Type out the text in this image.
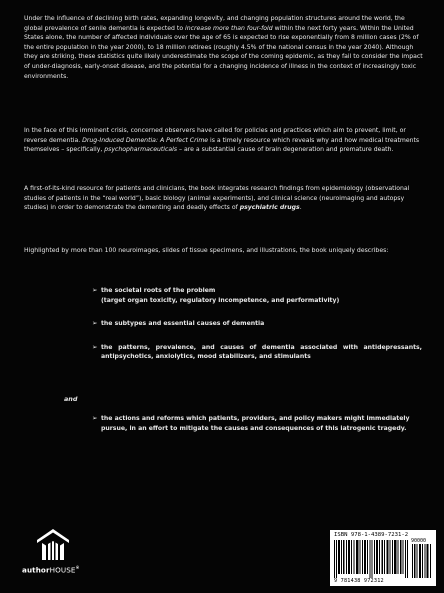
Under the influence of declining birth rates, expanding longevity, and changing population structures around the world, the global prevalence of senile dementia is expected to increase more than four-fold within the next forty years. Within the United States alone, the number of affected individuals over the age of 65 is expected to rise exponentially from 8 million cases (2% of the entire population in the year 2000), to 18 million retirees (roughly 4.5% of the national census in the year 2040). Although they are striking, these statistics quite likely underestimate the scope of the coming epidemic, as they fail to consider the impact of under-diagnosis, early-onset disease, and the potential for a changing incidence of illness in the context of increasingly toxic environments.
In the face of this imminent crisis, concerned observers have called for policies and practices which aim to prevent, limit, or reverse dementia. Drug-Induced Dementia: A Perfect Crime is a timely resource which reveals why and how medical treatments themselves – specifically, psychopharmaceuticals – are a substantial cause of brain degeneration and premature death.
A first-of-its-kind resource for patients and clinicians, the book integrates research findings from epidemiology (observational studies of patients in the “real world”), basic biology (animal experiments), and clinical science (neuroimaging and autopsy studies) in order to demonstrate the dementing and deadly effects of psychiatric drugs.
Highlighted by more than 100 neuroimages, slides of tissue specimens, and illustrations, the book uniquely describes:
➢ the societal roots of the problem
(target organ toxicity, regulatory incompetence, and performativity)
➢ the subtypes and essential causes of dementia
➢ the patterns, prevalence, and causes of dementia associated with antidepressants, antipsychotics, anxiolytics, mood stabilizers, and stimulants
and
➢ the actions and reforms which patients, providers, and policy makers might immediately pursue, in an effort to mitigate the causes and consequences of this iatrogenic tragedy.
authorHOUSE®
ISBN 978-1-4389-7231-2
90000
9 781438 972312
